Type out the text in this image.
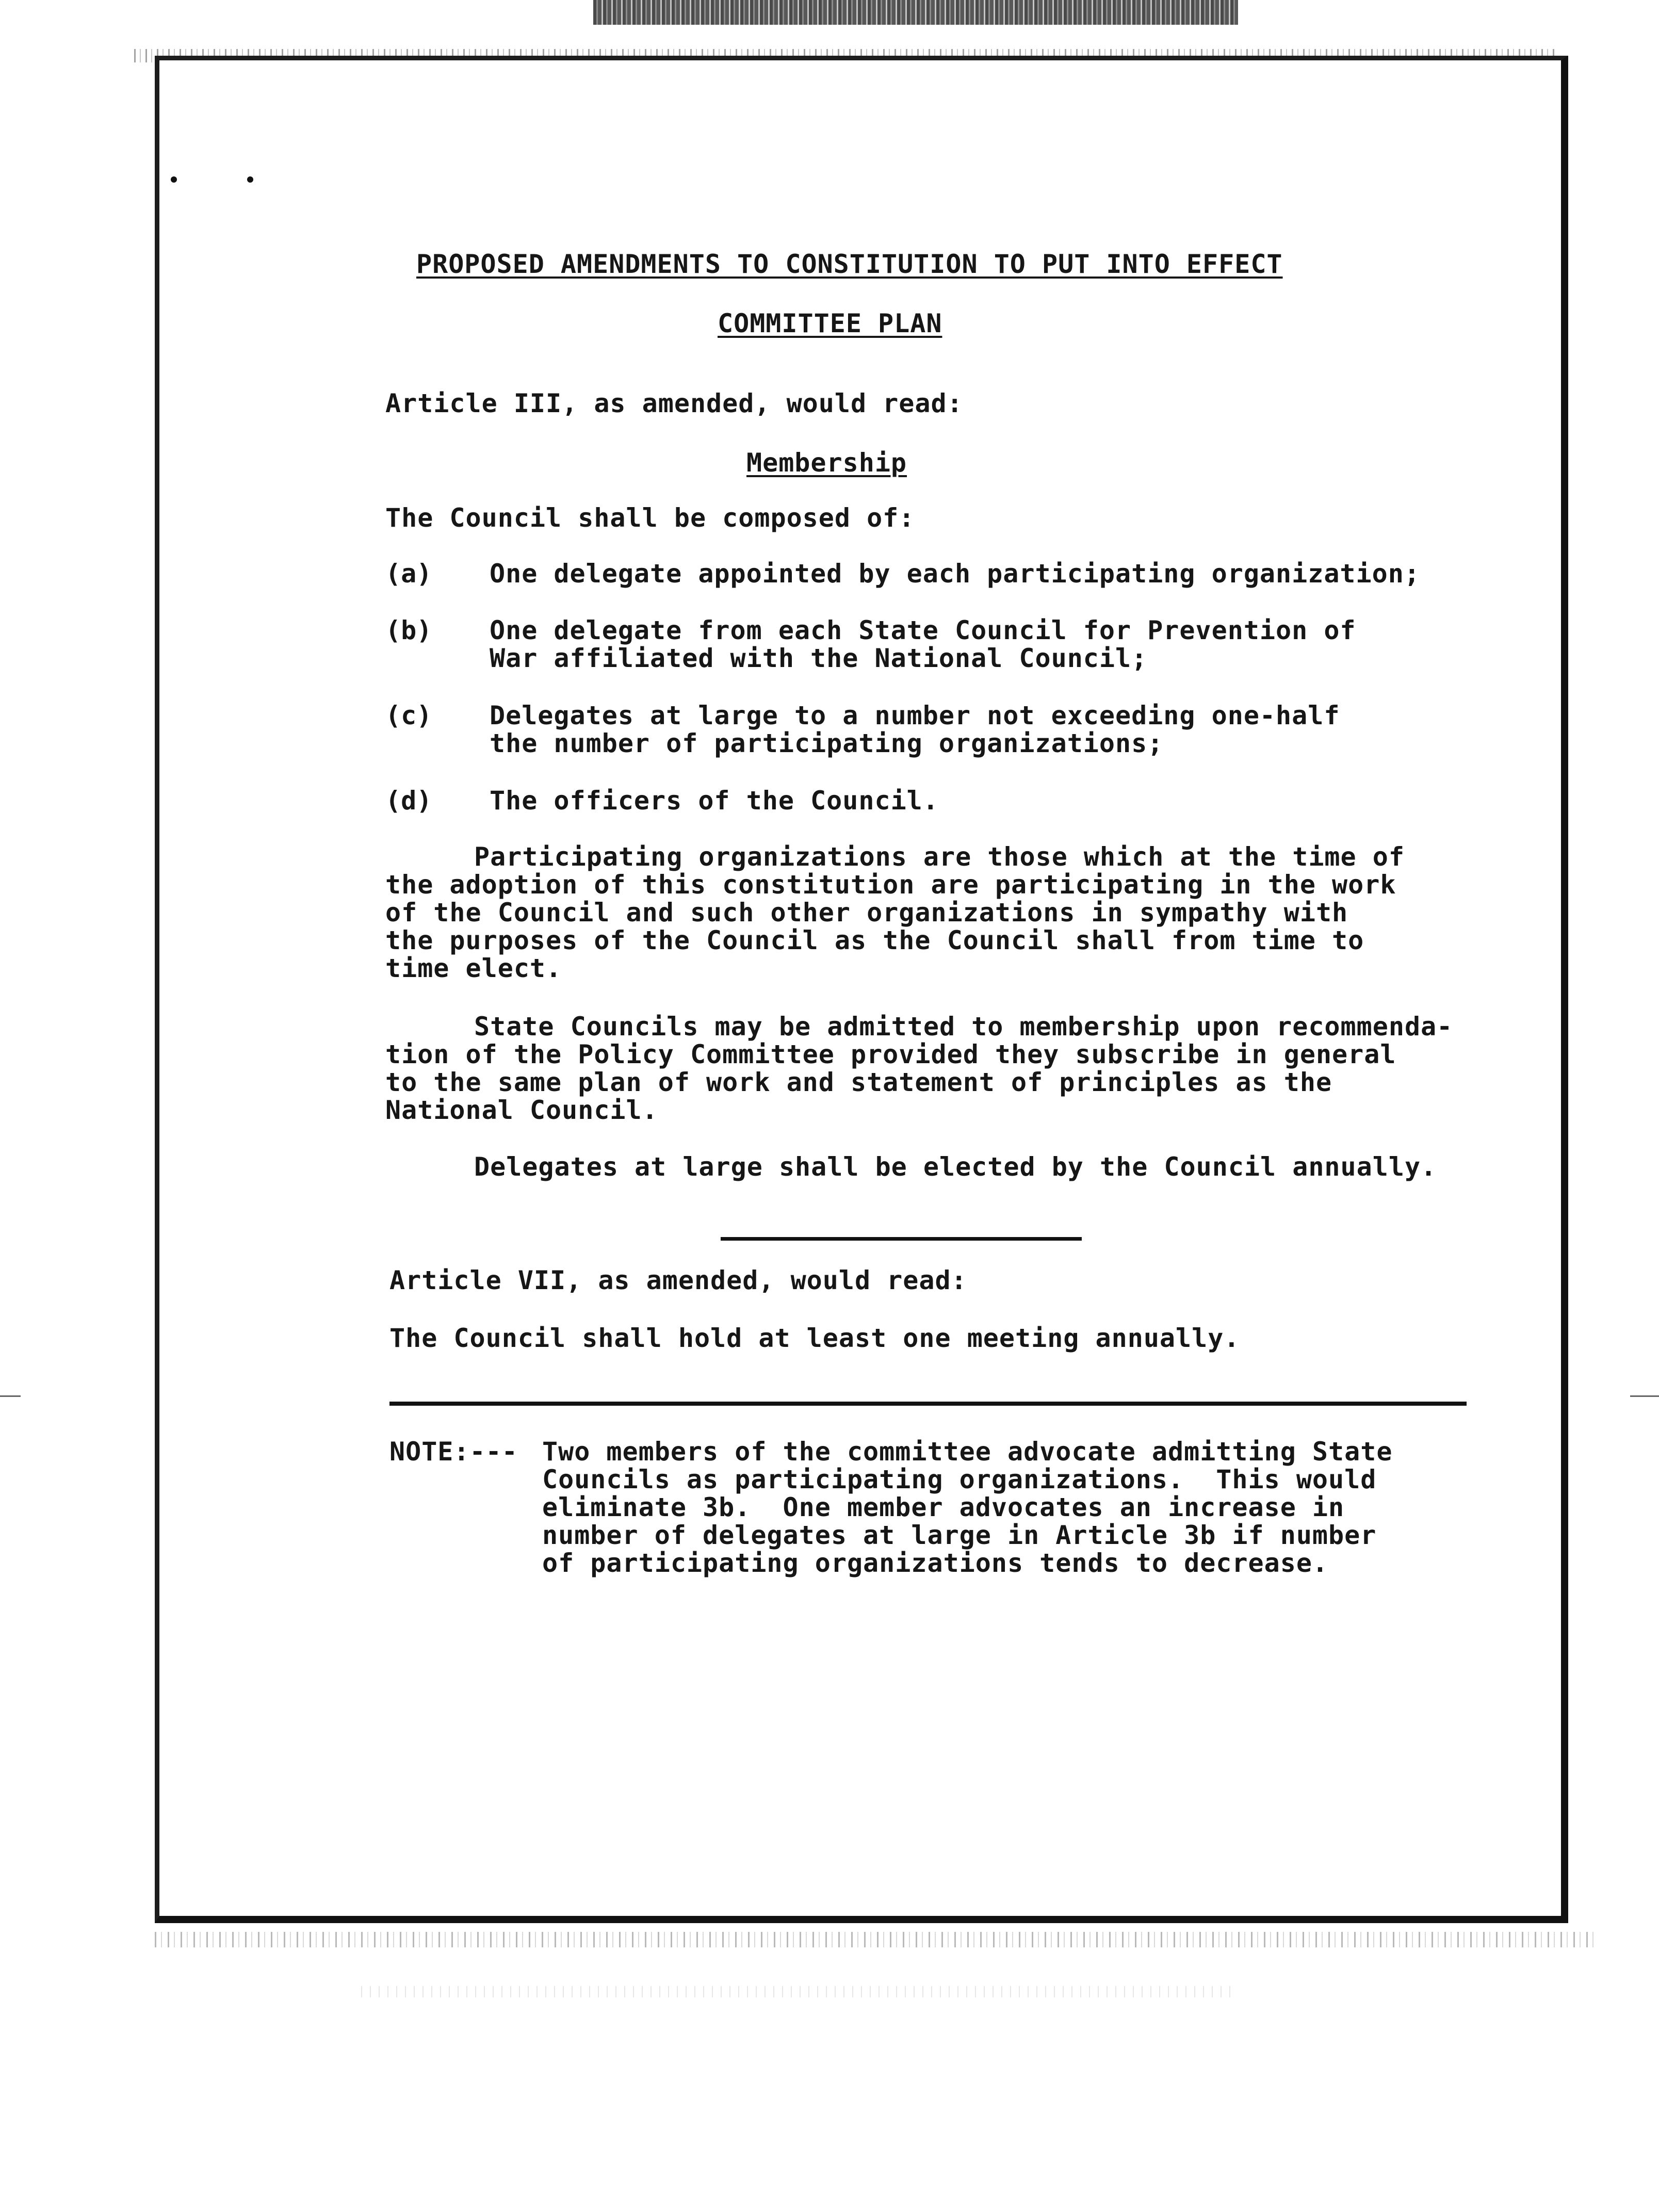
PROPOSED AMENDMENTS TO CONSTITUTION TO PUT INTO EFFECT
COMMITTEE PLAN
Article III, as amended, would read:
Membership
The Council shall be composed of:
(a) One delegate appointed by each participating organization;
(b) One delegate from each State Council for Prevention of
War affiliated with the National Council;
(c) Delegates at large to a number not exceeding one-half
the number of participating organizations;
(d) The officers of the Council.
Participating organizations are those which at the time of
the adoption of this constitution are participating in the work
of the Council and such other organizations in sympathy with
the purposes of the Council as the Council shall from time to
time elect.
State Councils may be admitted to membership upon recommenda-
tion of the Policy Committee provided they subscribe in general
to the same plan of work and statement of principles as the
National Council.
Delegates at large shall be elected by the Council annually.
Article VII, as amended, would read:
The Council shall hold at least one meeting annually.
NOTE:--- Two members of the committee advocate admitting State
Councils as participating organizations.  This would
eliminate 3b.  One member advocates an increase in
number of delegates at large in Article 3b if number
of participating organizations tends to decrease.
